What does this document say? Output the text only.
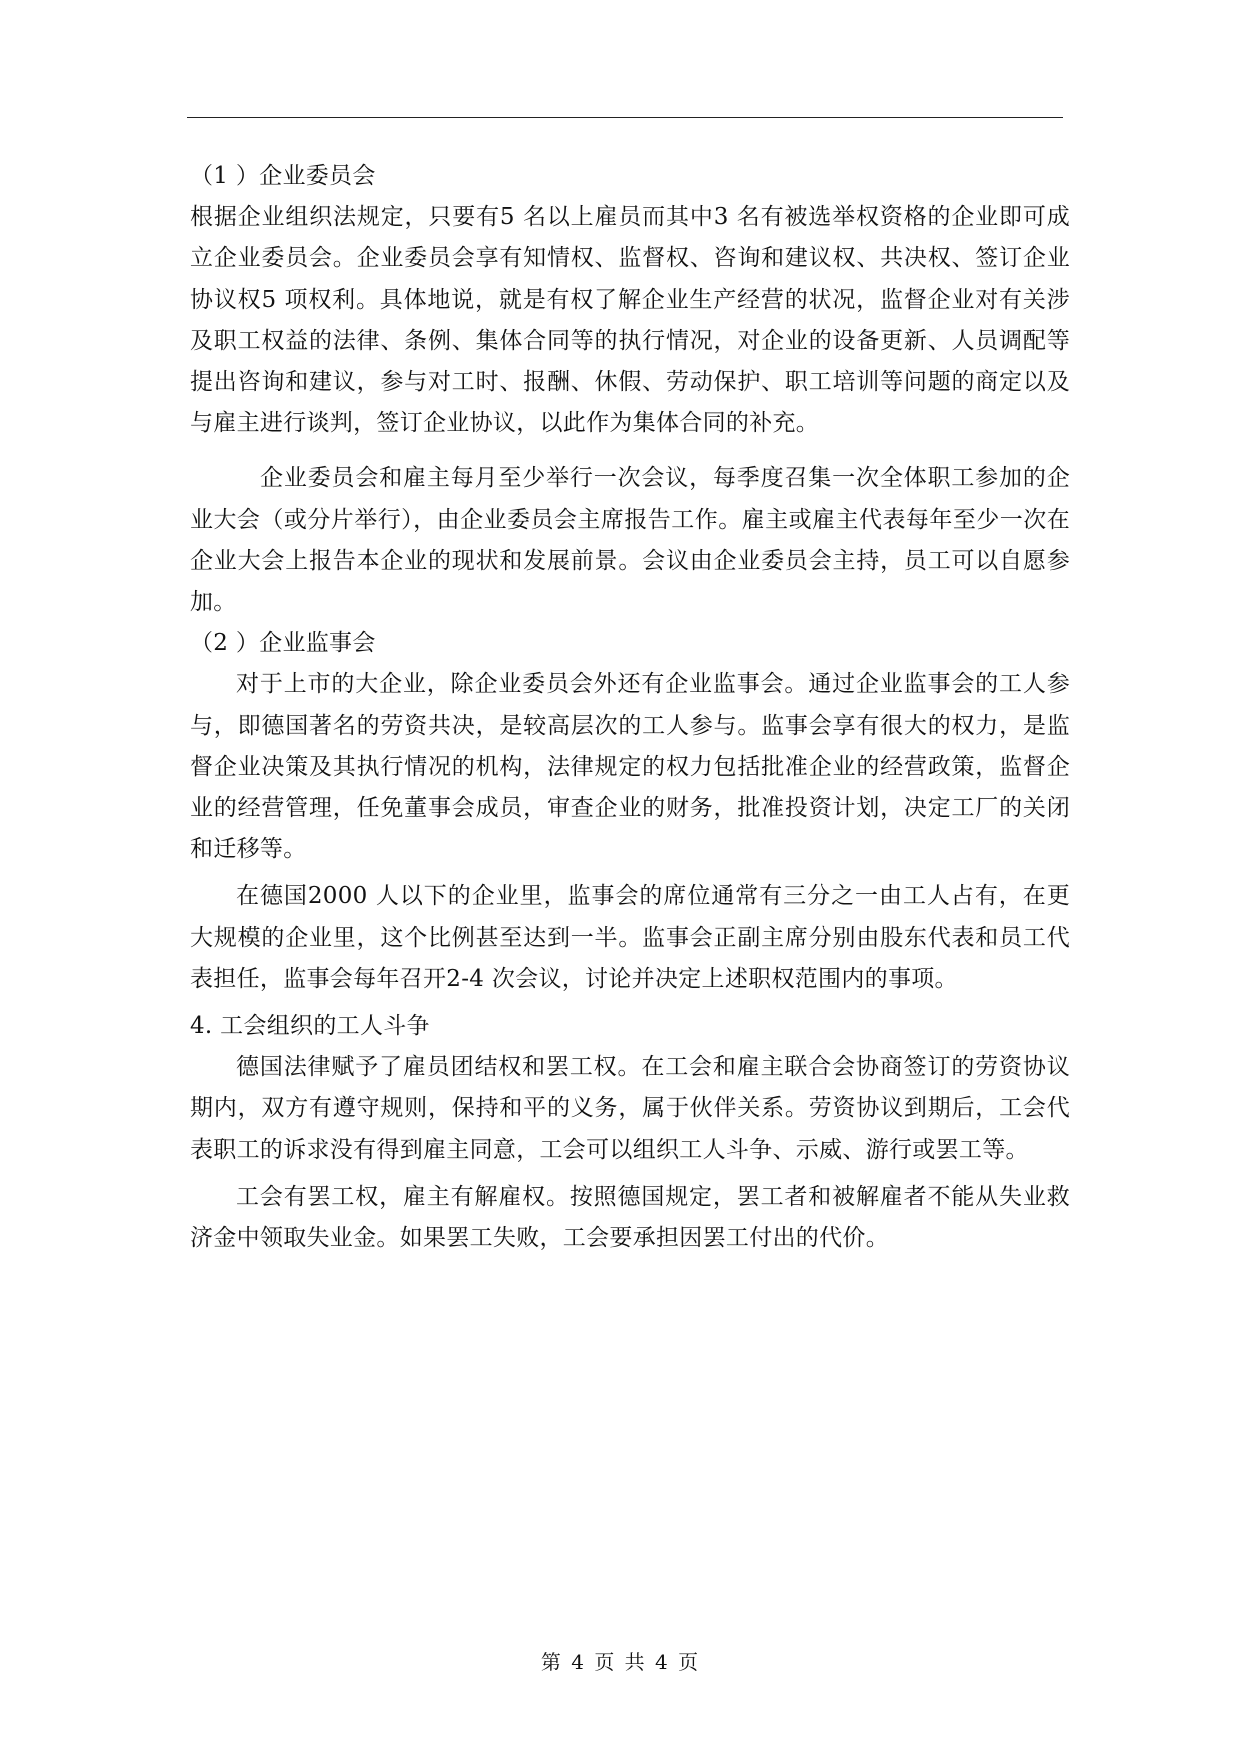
（1 ）企业委员会

根据企业组织法规定，只要有5 名以上雇员而其中3 名有被选举权资格的企业即可成立企业委员会。企业委员会享有知情权、监督权、咨询和建议权、共决权、签订企业协议权5 项权利。具体地说，就是有权了解企业生产经营的状况，监督企业对有关涉及职工权益的法律、条例、集体合同等的执行情况，对企业的设备更新、人员调配等提出咨询和建议，参与对工时、报酬、休假、劳动保护、职工培训等问题的商定以及与雇主进行谈判，签订企业协议，以此作为集体合同的补充。

企业委员会和雇主每月至少举行一次会议，每季度召集一次全体职工参加的企业大会（或分片举行），由企业委员会主席报告工作。雇主或雇主代表每年至少一次在企业大会上报告本企业的现状和发展前景。会议由企业委员会主持，员工可以自愿参加。

（2 ）企业监事会

对于上市的大企业，除企业委员会外还有企业监事会。通过企业监事会的工人参与，即德国著名的劳资共决，是较高层次的工人参与。监事会享有很大的权力，是监督企业决策及其执行情况的机构，法律规定的权力包括批准企业的经营政策，监督企业的经营管理，任免董事会成员，审查企业的财务，批准投资计划，决定工厂的关闭和迁移等。

在德国2000 人以下的企业里，监事会的席位通常有三分之一由工人占有，在更大规模的企业里，这个比例甚至达到一半。监事会正副主席分别由股东代表和员工代表担任，监事会每年召开2-4 次会议，讨论并决定上述职权范围内的事项。

4. 工会组织的工人斗争

德国法律赋予了雇员团结权和罢工权。在工会和雇主联合会协商签订的劳资协议期内，双方有遵守规则，保持和平的义务，属于伙伴关系。劳资协议到期后，工会代表职工的诉求没有得到雇主同意，工会可以组织工人斗争、示威、游行或罢工等。

工会有罢工权，雇主有解雇权。按照德国规定，罢工者和被解雇者不能从失业救济金中领取失业金。如果罢工失败，工会要承担因罢工付出的代价。

第 4 页 共 4 页
